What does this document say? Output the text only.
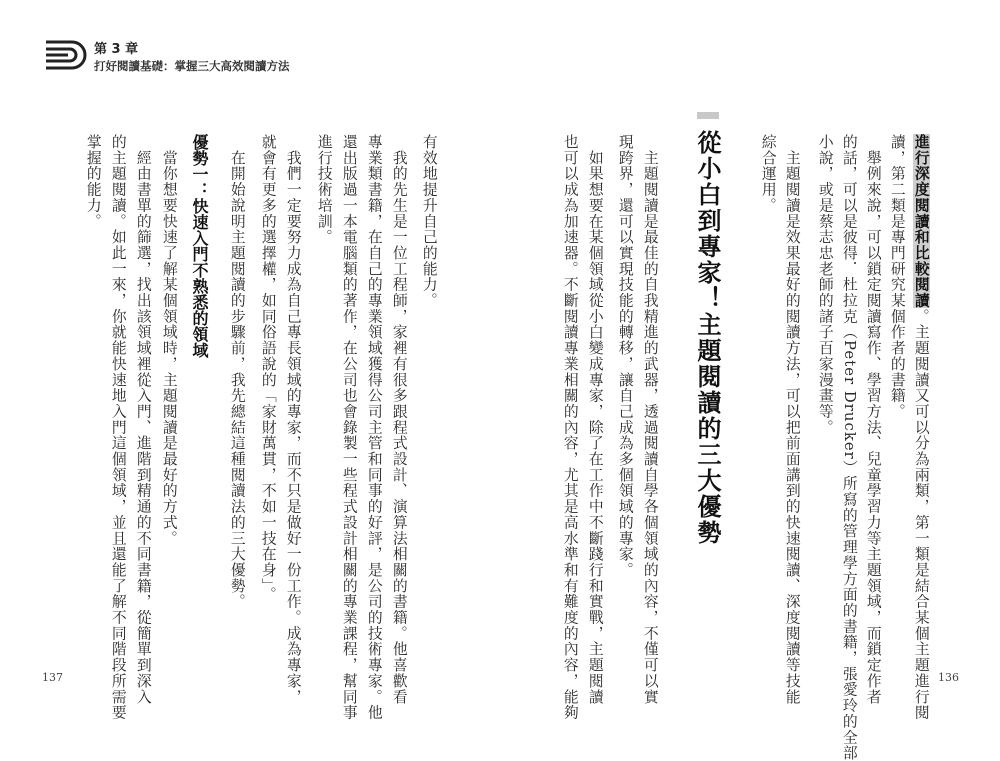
第 3 章
打好閱讀基礎：掌握三大高效閱讀方法
進行深度閱讀和比較閱讀。主題閱讀又可以分為兩類，第一類是結合某個主題進行閱
讀，第二類是專門研究某個作者的書籍。
　舉例來說，可以鎖定閱讀寫作、學習方法、兒童學習力等主題領域，而鎖定作者
的話，可以是彼得．杜拉克（Peter Drucker）所寫的管理學方面的書籍，張愛玲的全部
小說，或是蔡志忠老師的諸子百家漫畫等。
　主題閱讀是效果最好的閱讀方法，可以把前面講到的快速閱讀、深度閱讀等技能
綜合運用。
從小白到專家！主題閱讀的三大優勢
　主題閱讀是最佳的自我精進的武器，透過閱讀自學各個領域的內容，不僅可以實
現跨界，還可以實現技能的轉移，讓自己成為多個領域的專家。
　如果想要在某個領域從小白變成專家，除了在工作中不斷踐行和實戰，主題閱讀
也可以成為加速器。不斷閱讀專業相關的內容，尤其是高水準和有難度的內容，能夠
有效地提升自己的能力。
　我的先生是一位工程師，家裡有很多跟程式設計、演算法相關的書籍。他喜歡看
專業類書籍，在自己的專業領域獲得公司主管和同事的好評，是公司的技術專家。他
還出版過一本電腦類的著作，在公司也會錄製一些程式設計相關的專業課程，幫同事
進行技術培訓。
　我們一定要努力成為自己專長領域的專家，而不只是做好一份工作。成為專家，
就會有更多的選擇權，如同俗語說的「家財萬貫，不如一技在身」。
　在開始說明主題閱讀的步驟前，我先總結這種閱讀法的三大優勢。
優勢一：快速入門不熟悉的領域
　當你想要快速了解某個領域時，主題閱讀是最好的方式。
　經由書單的篩選，找出該領域裡從入門、進階到精通的不同書籍，從簡單到深入
的主題閱讀。如此一來，你就能快速地入門這個領域，並且還能了解不同階段所需要
掌握的能力。
137	136
